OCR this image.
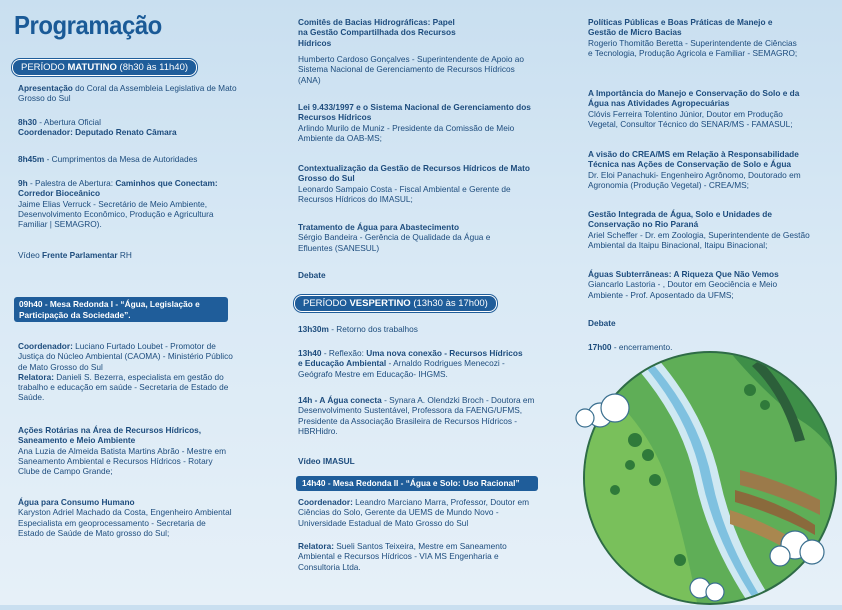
Programação
PERÍODO MATUTINO (8h30 às 11h40)
Apresentação do Coral da Assembleia Legislativa de Mato Grosso do Sul
8h30 - Abertura Oficial
Coordenador: Deputado Renato Câmara
8h45m - Cumprimentos da Mesa de Autoridades
9h - Palestra de Abertura: Caminhos que Conectam: Corredor Bioceânico
Jaime Elias Verruck - Secretário de Meio Ambiente, Desenvolvimento Econômico, Produção e Agricultura Familiar | SEMAGRO).
Vídeo Frente Parlamentar RH
09h40 - Mesa Redonda I - “Água, Legislação e Participação da Sociedade”.
Coordenador: Luciano Furtado Loubet - Promotor de Justiça do Núcleo Ambiental (CAOMA) - Ministério Público de Mato Grosso do Sul
Relatora: Danieli S. Bezerra, especialista em gestão do trabalho e educação em saúde - Secretaria de Estado de Saúde.
Ações Rotárias na Área de Recursos Hídricos, Saneamento e Meio Ambiente
Ana Luzia de Almeida Batista Martins Abrão - Mestre em Saneamento Ambiental e Recursos Hídricos - Rotary Clube de Campo Grande;
Água para Consumo Humano
Karyston Adriel Machado da Costa, Engenheiro Ambiental Especialista em geoprocessamento - Secretaria de Estado de Saúde de Mato grosso do Sul;
Comitês de Bacias Hidrográficas: Papel na Gestão Compartilhada dos Recursos Hídricos
Humberto Cardoso Gonçalves - Superintendente de Apoio ao Sistema Nacional de Gerenciamento de Recursos Hídricos (ANA)
Lei 9.433/1997 e o Sistema Nacional de Gerenciamento dos Recursos Hídricos
Arlindo Murilo de Muniz - Presidente da Comissão de Meio Ambiente da OAB-MS;
Contextualização da Gestão de Recursos Hídricos de Mato Grosso do Sul
Leonardo Sampaio Costa - Fiscal Ambiental e Gerente de Recursos Hídricos do IMASUL;
Tratamento de Água para Abastecimento
Sérgio Bandeira - Gerência de Qualidade da Água e Efluentes (SANESUL)
Debate
PERÍODO VESPERTINO (13h30 às 17h00)
13h30m - Retorno dos trabalhos
13h40 - Reflexão: Uma nova conexão - Recursos Hídricos e Educação Ambiental - Arnaldo Rodrigues Menecozi - Geógrafo Mestre em Educação- IHGMS.
14h - A Água conecta - Synara A. Olendzki Broch - Doutora em Desenvolvimento Sustentável, Professora da FAENG/UFMS, Presidente da Associação Brasileira de Recursos Hídricos - HBRHidro.
Vídeo IMASUL
14h40 - Mesa Redonda II - “Água e Solo: Uso Racional”
Coordenador: Leandro Marciano Marra, Professor, Doutor em Ciências do Solo, Gerente da UEMS de Mundo Novo - Universidade Estadual de Mato Grosso do Sul
Relatora: Sueli Santos Teixeira, Mestre em Saneamento Ambiental e Recursos Hídricos - VIA MS Engenharia e Consultoria Ltda.
Políticas Públicas e Boas Práticas de Manejo e Gestão de Micro Bacias
Rogerio Thomitão Beretta - Superintendente de Ciências e Tecnologia, Produção Agricola e Familiar - SEMAGRO;
A Importância do Manejo e Conservação do Solo e da Água nas Atividades Agropecuárias
Clóvis Ferreira Tolentino Júnior, Doutor em Produção Vegetal, Consultor Técnico do SENAR/MS - FAMASUL;
A visão do CREA/MS em Relação à Responsabilidade Técnica nas Ações de Conservação de Solo e Água
Dr. Eloi Panachuki- Engenheiro Agrônomo, Doutorado em Agronomia (Produção Vegetal) - CREA/MS;
Gestão Integrada de Água, Solo e Unidades de Conservação no Rio Paraná
Ariel Scheffer - Dr. em Zoologia, Superintendente de Gestão Ambiental da Itaipu Binacional, Itaipu Binacional;
Águas Subterrâneas: A Riqueza Que Não Vemos
Giancarlo Lastoria - , Doutor em Geociência e Meio Ambiente - Prof. Aposentado da UFMS;
Debate
17h00 - encerramento.
